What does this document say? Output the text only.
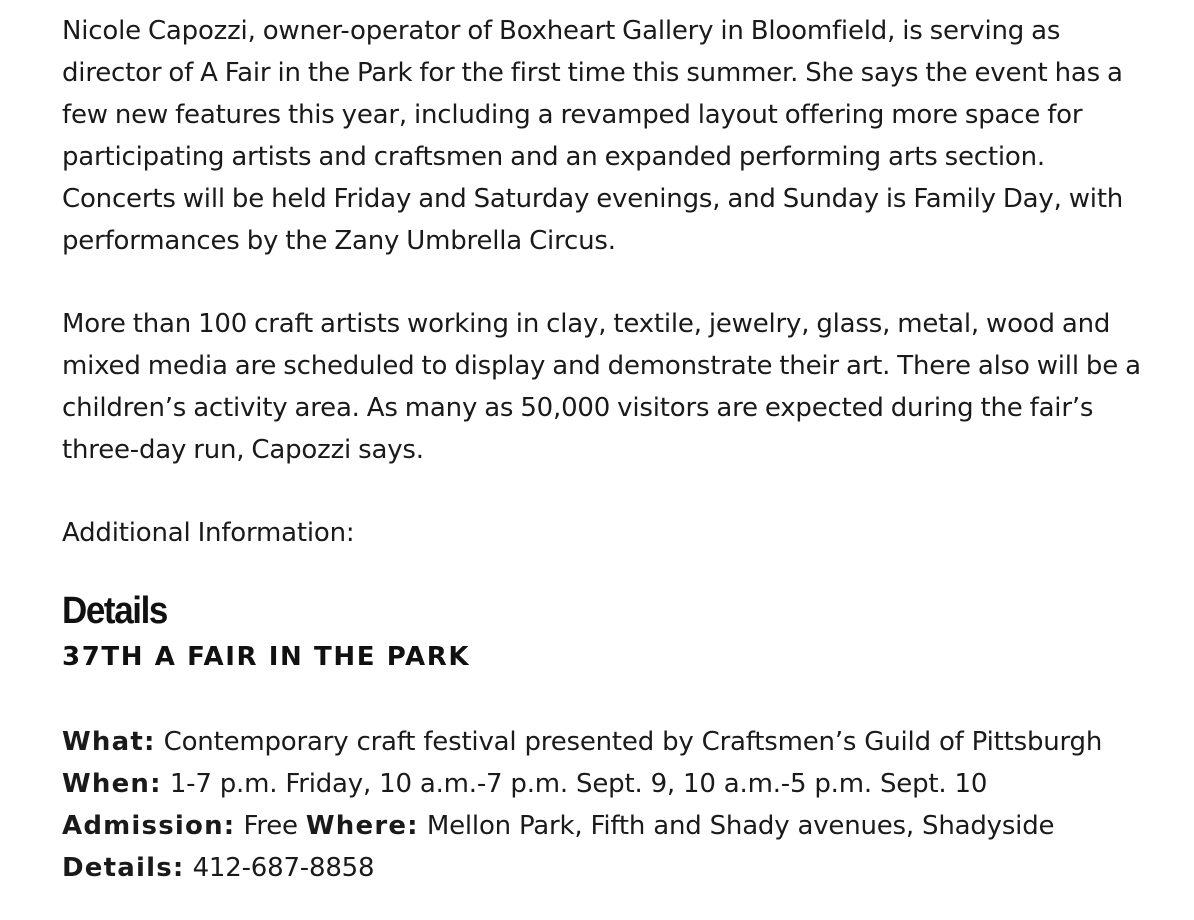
Nicole Capozzi, owner-operator of Boxheart Gallery in Bloomfield, is serving as director of A Fair in the Park for the first time this summer. She says the event has a few new features this year, including a revamped layout offering more space for participating artists and craftsmen and an expanded performing arts section. Concerts will be held Friday and Saturday evenings, and Sunday is Family Day, with performances by the Zany Umbrella Circus.

More than 100 craft artists working in clay, textile, jewelry, glass, metal, wood and mixed media are scheduled to display and demonstrate their art. There also will be a children’s activity area. As many as 50,000 visitors are expected during the fair’s three-day run, Capozzi says.

Additional Information:

Details
37TH A FAIR IN THE PARK
What: Contemporary craft festival presented by Craftsmen’s Guild of Pittsburgh
When: 1-7 p.m. Friday, 10 a.m.-7 p.m. Sept. 9, 10 a.m.-5 p.m. Sept. 10
Admission: Free Where: Mellon Park, Fifth and Shady avenues, Shadyside
Details: 412-687-8858
